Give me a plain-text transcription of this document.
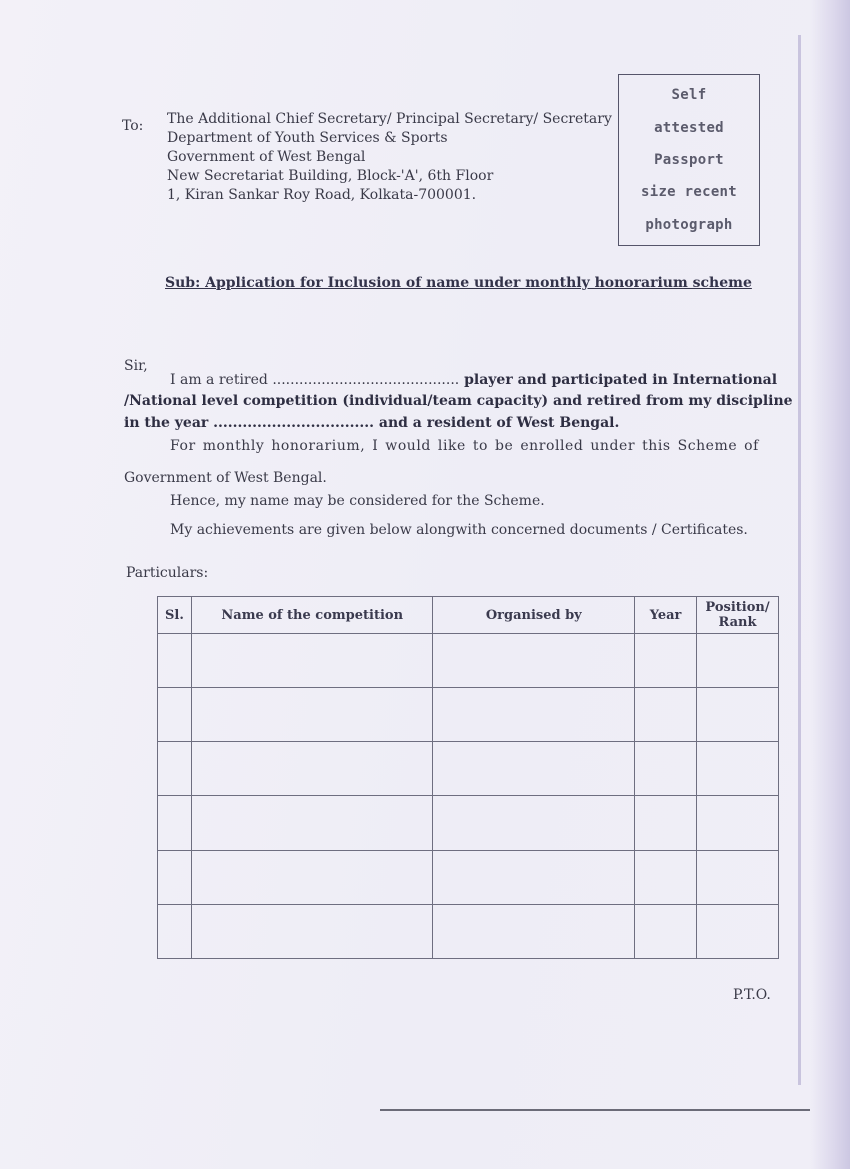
To: The Additional Chief Secretary/ Principal Secretary/ Secretary
Department of Youth Services & Sports
Government of West Bengal
New Secretariat Building, Block-'A', 6th Floor
1, Kiran Sankar Roy Road, Kolkata-700001.
Self
attested
Passport
size recent
photograph
Sub: Application for Inclusion of name under monthly honorarium scheme
Sir,
I am a retired .......................................... player and participated in International
/National level competition (individual/team capacity) and retired from my discipline
in the year ................................. and a resident of West Bengal.
For monthly honorarium, I would like to be enrolled under this Scheme of
Government of West Bengal.
Hence, my name may be considered for the Scheme.
My achievements are given below alongwith concerned documents / Certificates.
Particulars:
Sl.	Name of the competition	Organised by	Year	Position/
Rank

P.T.O.
